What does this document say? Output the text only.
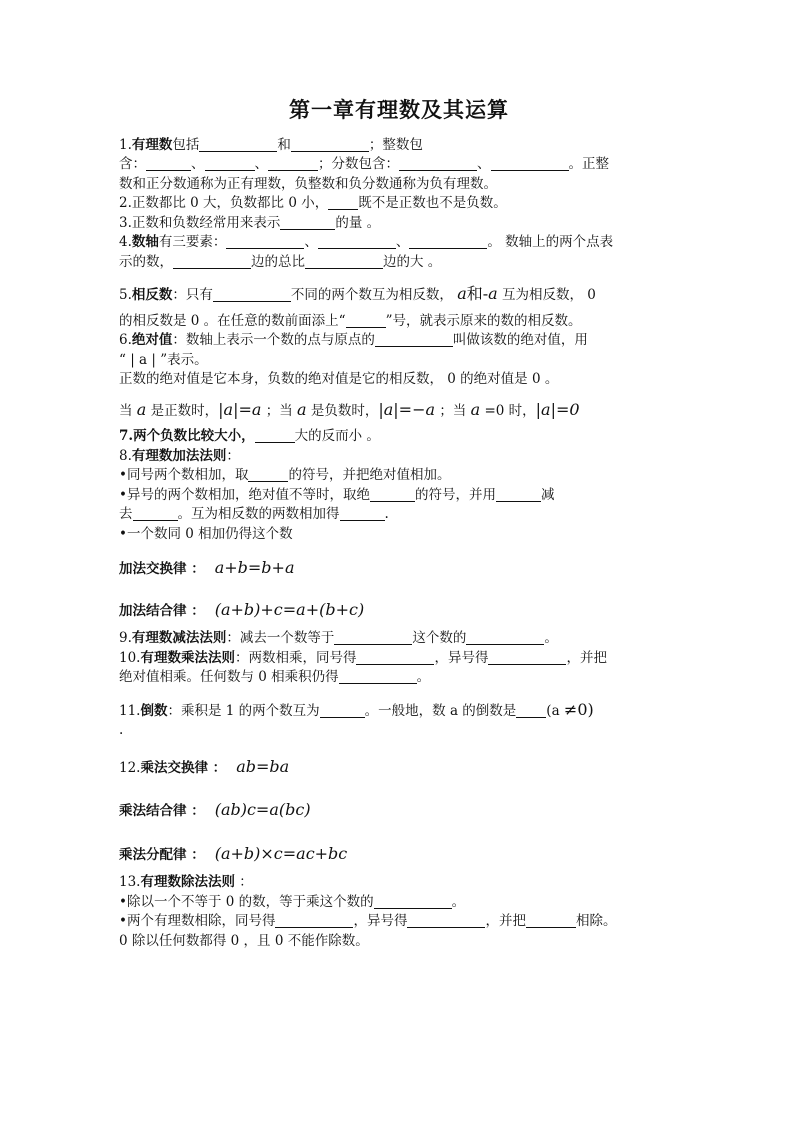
第一章有理数及其运算

1.有理数包括	和	；整数包

含：	、	、	；分数包含：	、	。正整

数和正分数通称为正有理数，负整数和负分数通称为负有理数。

2.正数都比 0 大，负数都比 0 小， 既不是正数也不是负数。

3.正数和负数经常用来表示	的量 。

4.数轴有三要素：	、	、	。 数轴上的两个点表

示的数，	边的总比	边的大 。

5.相反数：只有	不同的两个数互为相反数， a和-a 互为相反数， 0

的相反数是 0 。在任意的数前面添上“	”号，就表示原来的数的相反数。

6.绝对值：数轴上表示一个数的点与原点的	叫做该数的绝对值，用

“ | a | ”表示。

正数的绝对值是它本身，负数的绝对值是它的相反数， 0 的绝对值是 0 。

当 a 是正数时，|a|=a ；当 a 是负数时，|a|=−a ；当 a =0 时，|a|=0

7.两个负数比较大小，	大的反而小 。

8.有理数加法法则：

•同号两个数相加，取	的符号，并把绝对值相加。

•异号的两个数相加，绝对值不等时，取绝	的符号，并用	减

去	。互为相反数的两数相加得	.

•一个数同 0 相加仍得这个数

加法交换律 ： a+b=b+a

加法结合律 ： (a+b)+c=a+(b+c)

9.有理数减法法则：减去一个数等于	这个数的	。

10.有理数乘法法则：两数相乘，同号得	，异号得	，并把

绝对值相乘。任何数与 0 相乘积仍得	。

11.倒数：乘积是 1 的两个数互为	。一般地，数 a 的倒数是 (a ≠0)

.

12.乘法交换律 ： ab=ba

乘法结合律 ： (ab)c=a(bc)

乘法分配律 ： (a+b)×c=ac+bc

13.有理数除法法则 ：

•除以一个不等于 0 的数，等于乘这个数的	。

•两个有理数相除，同号得	，异号得	，并把	相除。

0 除以任何数都得 0 ，且 0 不能作除数。
